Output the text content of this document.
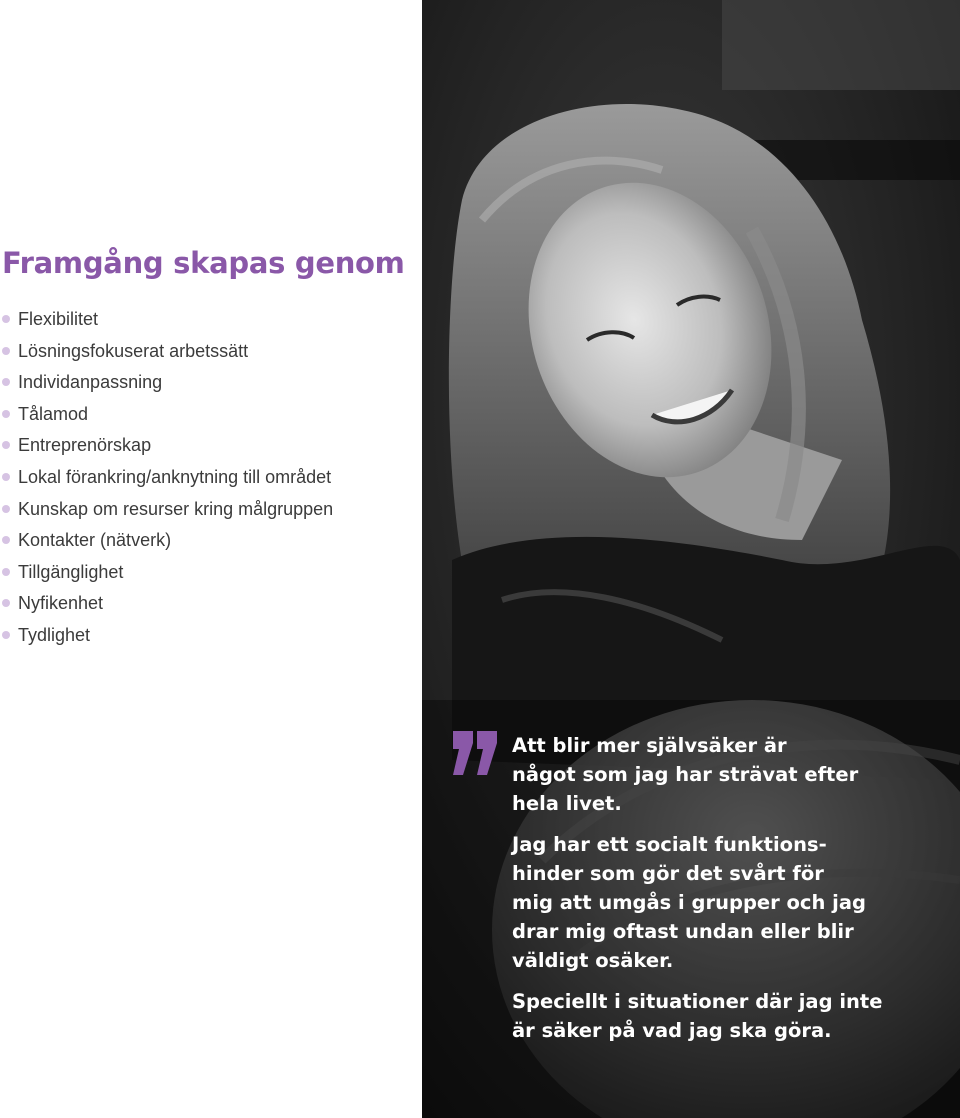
Framgång skapas genom
Flexibilitet
Lösningsfokuserat arbetssätt
Individanpassning
Tålamod
Entreprenörskap
Lokal förankring/anknytning till området
Kunskap om resurser kring målgruppen
Kontakter (nätverk)
Tillgänglighet
Nyfikenhet
Tydlighet

Att blir mer självsäker är
något som jag har strävat efter
hela livet.

Jag har ett socialt funktions-
hinder som gör det svårt för
mig att umgås i grupper och jag
drar mig oftast undan eller blir
väldigt osäker.

Speciellt i situationer där jag inte
är säker på vad jag ska göra.
